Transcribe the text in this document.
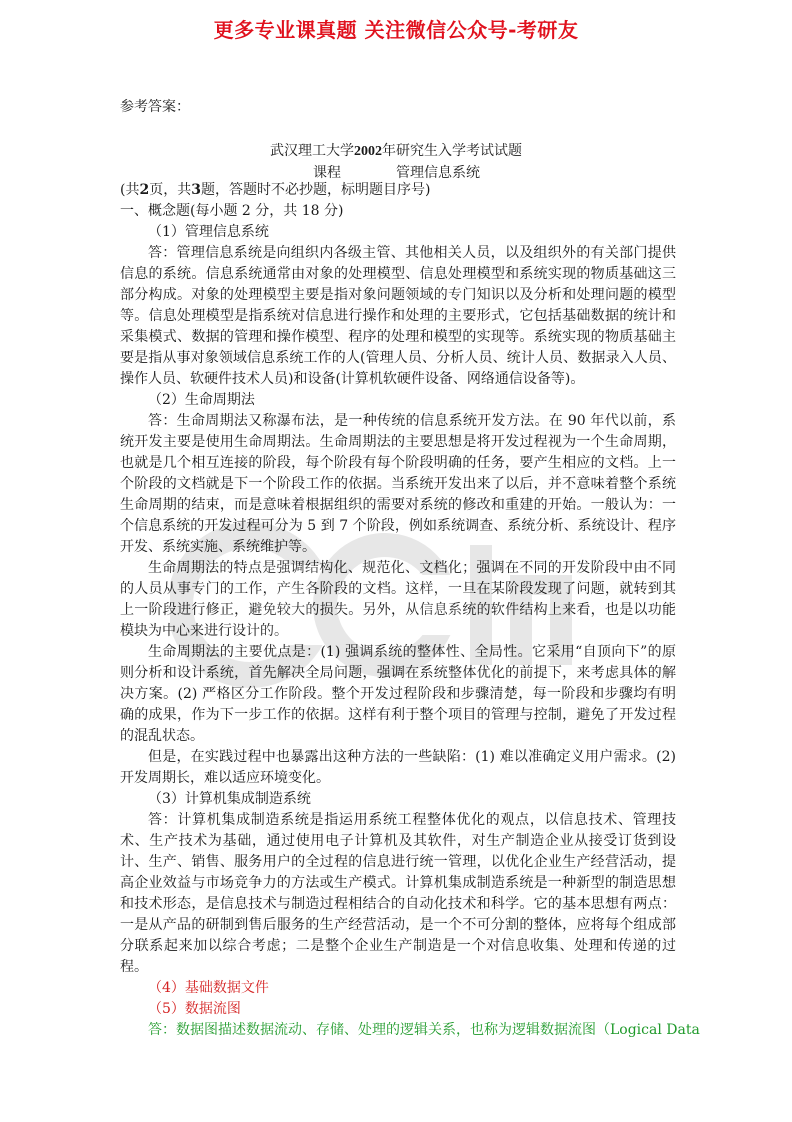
更多专业课真题 关注微信公众号-考研友
参考答案：
武汉理工大学2002年研究生入学考试试题
课程	管理信息系统

(共2页，共3题，答题时不必抄题，标明题目序号)

一、概念题(每小题 2 分，共 18 分)

（1）管理信息系统

答：管理信息系统是向组织内各级主管、其他相关人员，以及组织外的有关部门提供信息的系统。信息系统通常由对象的处理模型、信息处理模型和系统实现的物质基础这三部分构成。对象的处理模型主要是指对象问题领域的专门知识以及分析和处理问题的模型等。信息处理模型是指系统对信息进行操作和处理的主要形式，它包括基础数据的统计和采集模式、数据的管理和操作模型、程序的处理和模型的实现等。系统实现的物质基础主要是指从事对象领域信息系统工作的人(管理人员、分析人员、统计人员、数据录入人员、操作人员、软硬件技术人员)和设备(计算机软硬件设备、网络通信设备等)。

（2）生命周期法

答：生命周期法又称瀑布法，是一种传统的信息系统开发方法。在 90 年代以前，系统开发主要是使用生命周期法。生命周期法的主要思想是将开发过程视为一个生命周期，也就是几个相互连接的阶段，每个阶段有每个阶段明确的任务，要产生相应的文档。上一个阶段的文档就是下一个阶段工作的依据。当系统开发出来了以后，并不意味着整个系统生命周期的结束，而是意味着根据组织的需要对系统的修改和重建的开始。一般认为：一个信息系统的开发过程可分为 5 到 7 个阶段，例如系统调查、系统分析、系统设计、程序开发、系统实施、系统维护等。

生命周期法的特点是强调结构化、规范化、文档化；强调在不同的开发阶段中由不同的人员从事专门的工作，产生各阶段的文档。这样，一旦在某阶段发现了问题，就转到其上一阶段进行修正，避免较大的损失。另外，从信息系统的软件结构上来看，也是以功能模块为中心来进行设计的。

生命周期法的主要优点是：(1) 强调系统的整体性、全局性。它采用“自顶向下”的原则分析和设计系统，首先解决全局问题，强调在系统整体优化的前提下，来考虑具体的解决方案。(2) 严格区分工作阶段。整个开发过程阶段和步骤清楚，每一阶段和步骤均有明确的成果，作为下一步工作的依据。这样有利于整个项目的管理与控制，避免了开发过程的混乱状态。

但是，在实践过程中也暴露出这种方法的一些缺陷：(1) 难以准确定义用户需求。(2) 开发周期长，难以适应环境变化。

（3）计算机集成制造系统

答：计算机集成制造系统是指运用系统工程整体优化的观点，以信息技术、管理技术、生产技术为基础，通过使用电子计算机及其软件，对生产制造企业从接受订货到设计、生产、销售、服务用户的全过程的信息进行统一管理，以优化企业生产经营活动，提高企业效益与市场竞争力的方法或生产模式。计算机集成制造系统是一种新型的制造思想和技术形态，是信息技术与制造过程相结合的自动化技术和科学。它的基本思想有两点：一是从产品的研制到售后服务的生产经营活动，是一个不可分割的整体，应将每个组成部分联系起来加以综合考虑；二是整个企业生产制造是一个对信息收集、处理和传递的过程。

（4）基础数据文件

（5）数据流图

答：数据图描述数据流动、存储、处理的逻辑关系，也称为逻辑数据流图（Logical Data
